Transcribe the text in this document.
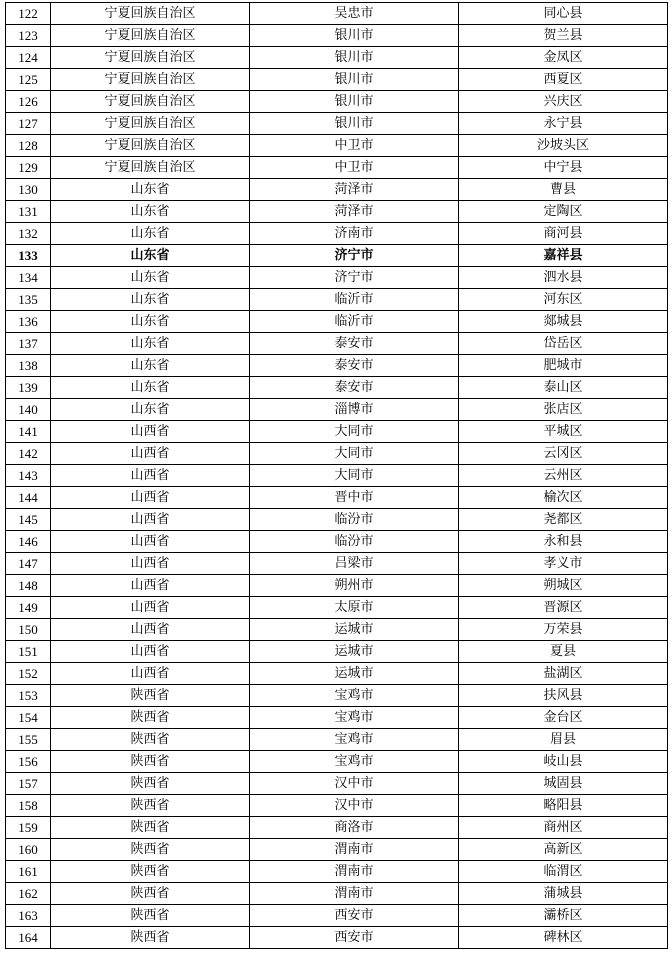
122	宁夏回族自治区	吴忠市	同心县
123	宁夏回族自治区	银川市	贺兰县
124	宁夏回族自治区	银川市	金凤区
125	宁夏回族自治区	银川市	西夏区
126	宁夏回族自治区	银川市	兴庆区
127	宁夏回族自治区	银川市	永宁县
128	宁夏回族自治区	中卫市	沙坡头区
129	宁夏回族自治区	中卫市	中宁县
130	山东省	菏泽市	曹县
131	山东省	菏泽市	定陶区
132	山东省	济南市	商河县
133	山东省	济宁市	嘉祥县
134	山东省	济宁市	泗水县
135	山东省	临沂市	河东区
136	山东省	临沂市	郯城县
137	山东省	泰安市	岱岳区
138	山东省	泰安市	肥城市
139	山东省	泰安市	泰山区
140	山东省	淄博市	张店区
141	山西省	大同市	平城区
142	山西省	大同市	云冈区
143	山西省	大同市	云州区
144	山西省	晋中市	榆次区
145	山西省	临汾市	尧都区
146	山西省	临汾市	永和县
147	山西省	吕梁市	孝义市
148	山西省	朔州市	朔城区
149	山西省	太原市	晋源区
150	山西省	运城市	万荣县
151	山西省	运城市	夏县
152	山西省	运城市	盐湖区
153	陕西省	宝鸡市	扶风县
154	陕西省	宝鸡市	金台区
155	陕西省	宝鸡市	眉县
156	陕西省	宝鸡市	岐山县
157	陕西省	汉中市	城固县
158	陕西省	汉中市	略阳县
159	陕西省	商洛市	商州区
160	陕西省	渭南市	高新区
161	陕西省	渭南市	临渭区
162	陕西省	渭南市	蒲城县
163	陕西省	西安市	灞桥区
164	陕西省	西安市	碑林区
